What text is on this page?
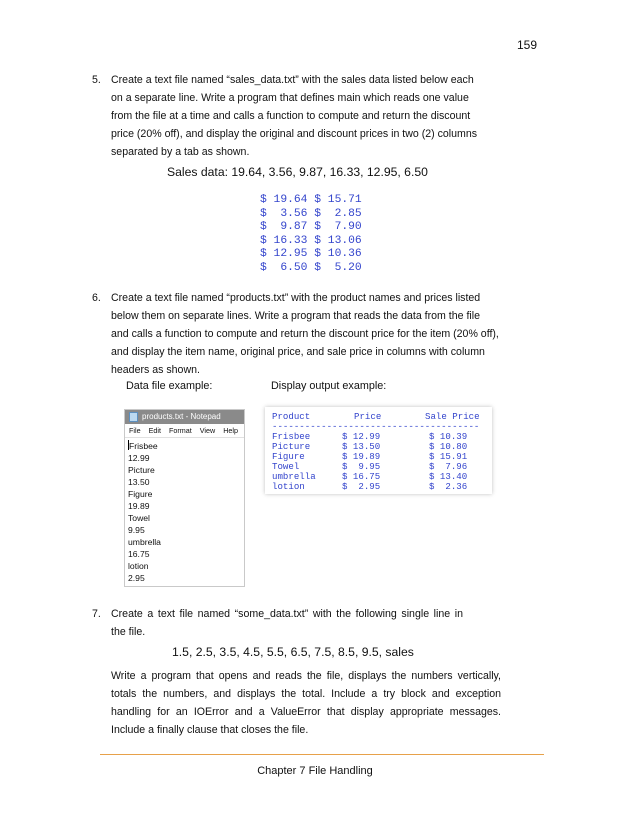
159
5. Create a text file named “sales_data.txt” with the sales data listed below each
on a separate line. Write a program that defines main which reads one value
from the file at a time and calls a function to compute and return the discount
price (20% off), and display the original and discount prices in two (2) columns
separated by a tab as shown.
Sales data: 19.64, 3.56, 9.87, 16.33, 12.95, 6.50
$ 19.64 $ 15.71
$  3.56 $  2.85
$  9.87 $  7.90
$ 16.33 $ 13.06
$ 12.95 $ 10.36
$  6.50 $  5.20
6. Create a text file named “products.txt” with the product names and prices listed
below them on separate lines. Write a program that reads the data from the file
and calls a function to compute and return the discount price for the item (20% off),
and display the item name, original price, and sale price in columns with column
headers as shown.
Data file example:	Display output example:
products.txt - Notepad
File Edit Format View Help
Frisbee
12.99
Picture
13.50
Figure
19.89
Towel
9.95
umbrella
16.75
lotion
2.95
Product	Price	Sale Price
--------------------------------------
Frisbee	$ 12.99	$ 10.39
Picture	$ 13.50	$ 10.80
Figure	$ 19.89	$ 15.91
Towel	$  9.95	$  7.96
umbrella	$ 16.75	$ 13.40
lotion	$  2.95	$  2.36
7. Create a text file named “some_data.txt” with the following single line in
the file.
1.5, 2.5, 3.5, 4.5, 5.5, 6.5, 7.5, 8.5, 9.5, sales
Write a program that opens and reads the file, displays the numbers vertically, totals the numbers, and displays the total. Include a try block and exception handling for an IOError and a ValueError that display appropriate messages. Include a finally clause that closes the file.
Chapter 7 File Handling
